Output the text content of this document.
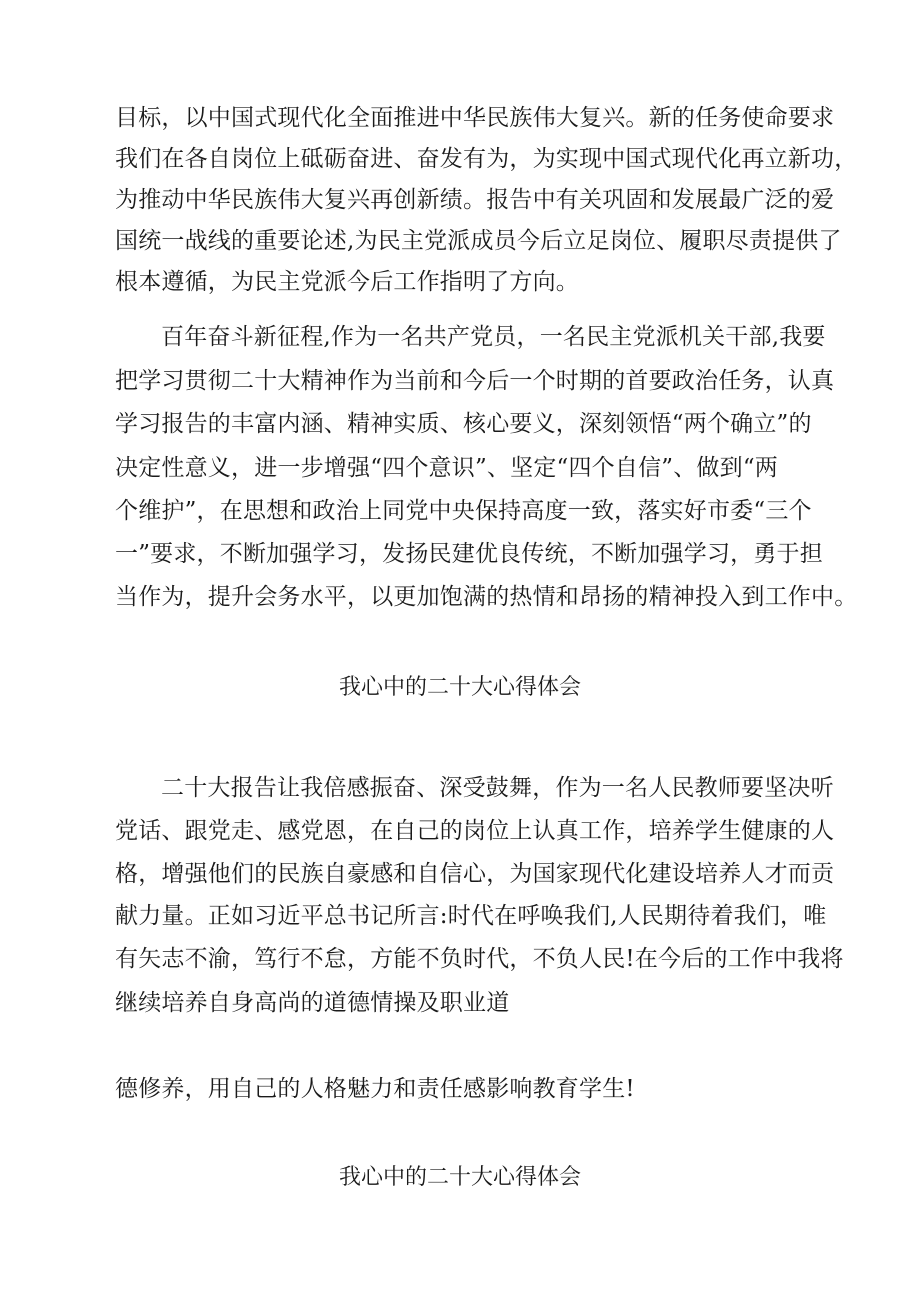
目标，以中国式现代化全面推进中华民族伟大复兴。新的任务使命要求
我们在各自岗位上砥砺奋进、奋发有为，为实现中国式现代化再立新功，
为推动中华民族伟大复兴再创新绩。报告中有关巩固和发展最广泛的爱
国统一战线的重要论述,为民主党派成员今后立足岗位、履职尽责提供了
根本遵循，为民主党派今后工作指明了方向。
百年奋斗新征程,作为一名共产党员，一名民主党派机关干部,我要
把学习贯彻二十大精神作为当前和今后一个时期的首要政治任务，认真
学习报告的丰富内涵、精神实质、核心要义，深刻领悟“两个确立”的
决定性意义，进一步增强“四个意识”、坚定“四个自信”、做到“两
个维护”，在思想和政治上同党中央保持高度一致，落实好市委“三个
一”要求，不断加强学习，发扬民建优良传统，不断加强学习，勇于担
当作为，提升会务水平，以更加饱满的热情和昂扬的精神投入到工作中。
我心中的二十大心得体会
二十大报告让我倍感振奋、深受鼓舞，作为一名人民教师要坚决听
党话、跟党走、感党恩，在自己的岗位上认真工作，培养学生健康的人
格，增强他们的民族自豪感和自信心，为国家现代化建设培养人才而贡
献力量。正如习近平总书记所言:时代在呼唤我们,人民期待着我们，唯
有矢志不渝，笃行不怠，方能不负时代，不负人民!在今后的工作中我将
继续培养自身高尚的道德情操及职业道
德修养，用自己的人格魅力和责任感影响教育学生!
我心中的二十大心得体会
